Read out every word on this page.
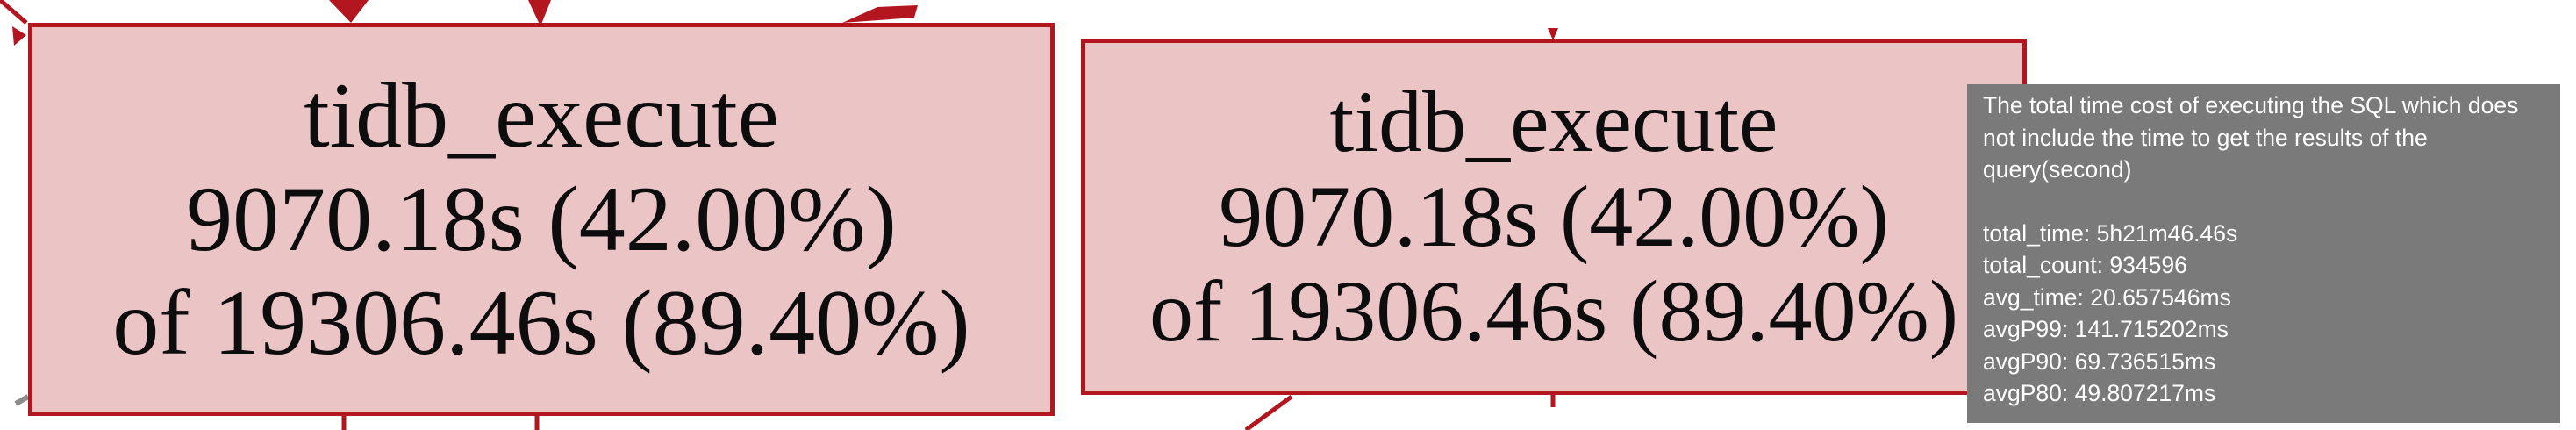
tidb_execute
9070.18s (42.00%)
of 19306.46s (89.40%)
tidb_execute
9070.18s (42.00%)
of 19306.46s (89.40%)
The total time cost of executing the SQL which does not include the time to get the results of the query(second)
total_time: 5h21m46.46s
total_count: 934596
avg_time: 20.657546ms
avgP99: 141.715202ms
avgP90: 69.736515ms
avgP80: 49.807217ms
